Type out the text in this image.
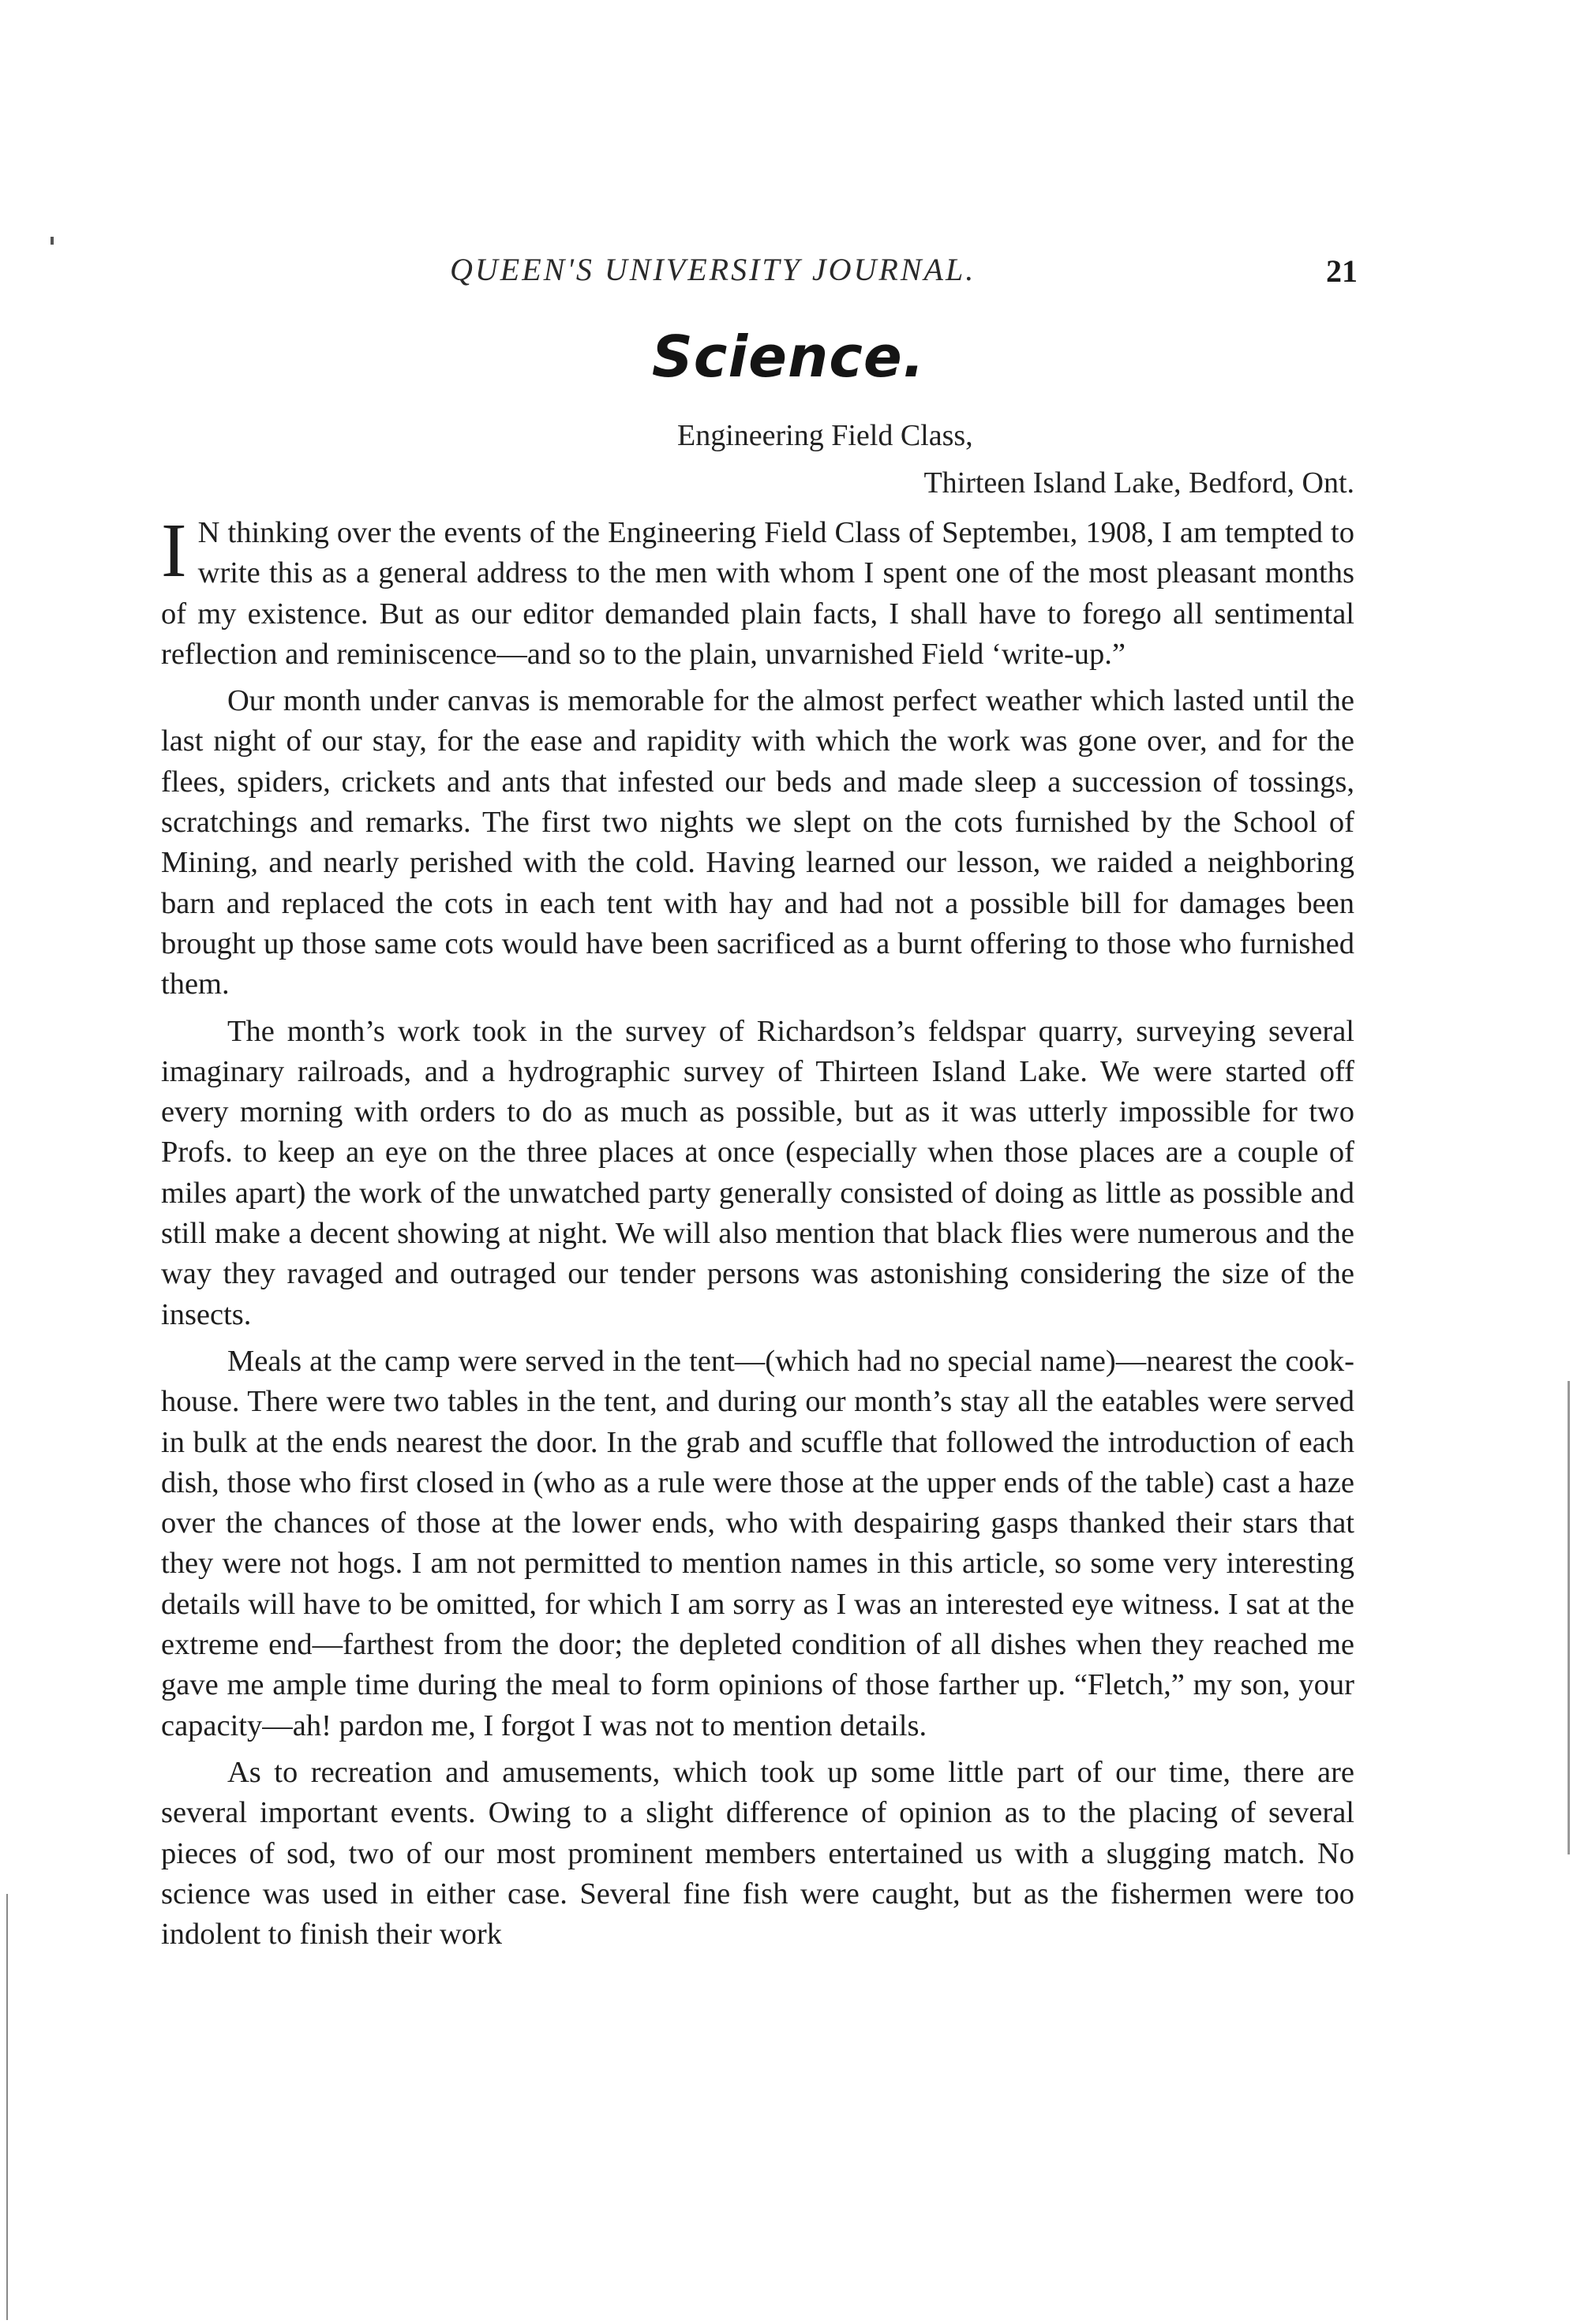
QUEEN'S UNIVERSITY JOURNAL.	21
Science.
Engineering Field Class,
Thirteen Island Lake, Bedford, Ont.

I N thinking over the events of the Engineering Field Class of Septembeı, 1908, I am tempted to write this as a general address to the men with whom I spent one of the most pleasant months of my existence. But as our editor demanded plain facts, I shall have to forego all sentimental reflection and reminiscence—and so to the plain, unvarnished Field ‘write-up.”

Our month under canvas is memorable for the almost perfect weather which lasted until the last night of our stay, for the ease and rapidity with which the work was gone over, and for the flees, spiders, crickets and ants that infested our beds and made sleep a succession of tossings, scratchings and remarks. The first two nights we slept on the cots furnished by the School of Mining, and nearly perished with the cold. Having learned our lesson, we raided a neighboring barn and replaced the cots in each tent with hay and had not a possible bill for damages been brought up those same cots would have been sacrificed as a burnt offering to those who furnished them.

The month’s work took in the survey of Richardson’s feldspar quarry, surveying several imaginary railroads, and a hydrographic survey of Thirteen Island Lake. We were started off every morning with orders to do as much as possible, but as it was utterly impossible for two Profs. to keep an eye on the three places at once (especially when those places are a couple of miles apart) the work of the unwatched party generally consisted of doing as little as possible and still make a decent showing at night. We will also mention that black flies were numerous and the way they ravaged and outraged our tender persons was astonishing considering the size of the insects.

Meals at the camp were served in the tent—(which had no special name)—nearest the cook-house. There were two tables in the tent, and during our month’s stay all the eatables were served in bulk at the ends nearest the door. In the grab and scuffle that followed the introduction of each dish, those who first closed in (who as a rule were those at the upper ends of the table) cast a haze over the chances of those at the lower ends, who with despairing gasps thanked their stars that they were not hogs. I am not permitted to mention names in this article, so some very interesting details will have to be omitted, for which I am sorry as I was an interested eye witness. I sat at the extreme end—farthest from the door; the depleted condition of all dishes when they reached me gave me ample time during the meal to form opinions of those farther up. “Fletch,” my son, your capacity—ah! pardon me, I forgot I was not to mention details.

As to recreation and amusements, which took up some little part of our time, there are several important events. Owing to a slight difference of opinion as to the placing of several pieces of sod, two of our most prominent members entertained us with a slugging match. No science was used in either case. Several fine fish were caught, but as the fishermen were too indolent to finish their work
